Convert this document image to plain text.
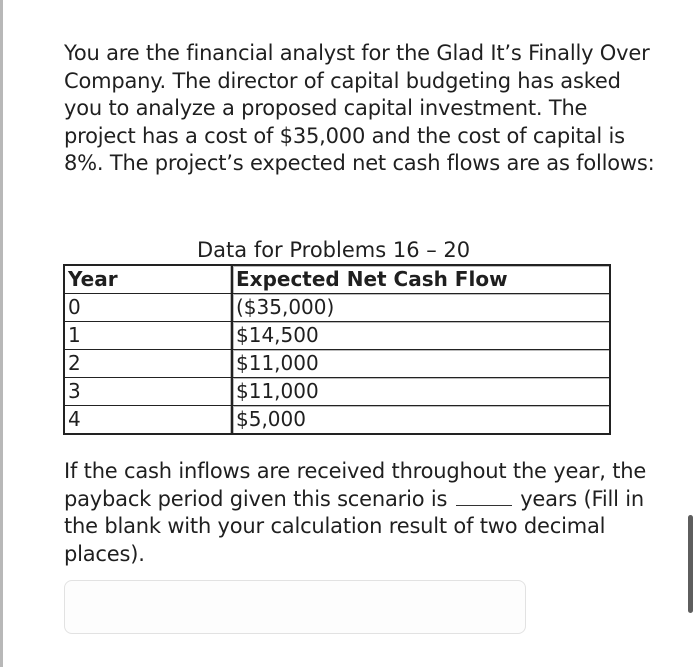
You are the financial analyst for the Glad It’s Finally Over Company. The director of capital budgeting has asked you to analyze a proposed capital investment. The project has a cost of $35,000 and the cost of capital is 8%. The project’s expected net cash flows are as follows:

Data for Problems 16 – 20
Year	Expected Net Cash Flow
0	($35,000)
1	$14,500
2	$11,000
3	$11,000
4	$5,000

If the cash inflows are received throughout the year, the payback period given this scenario is	years (Fill in the blank with your calculation result of two decimal places).
